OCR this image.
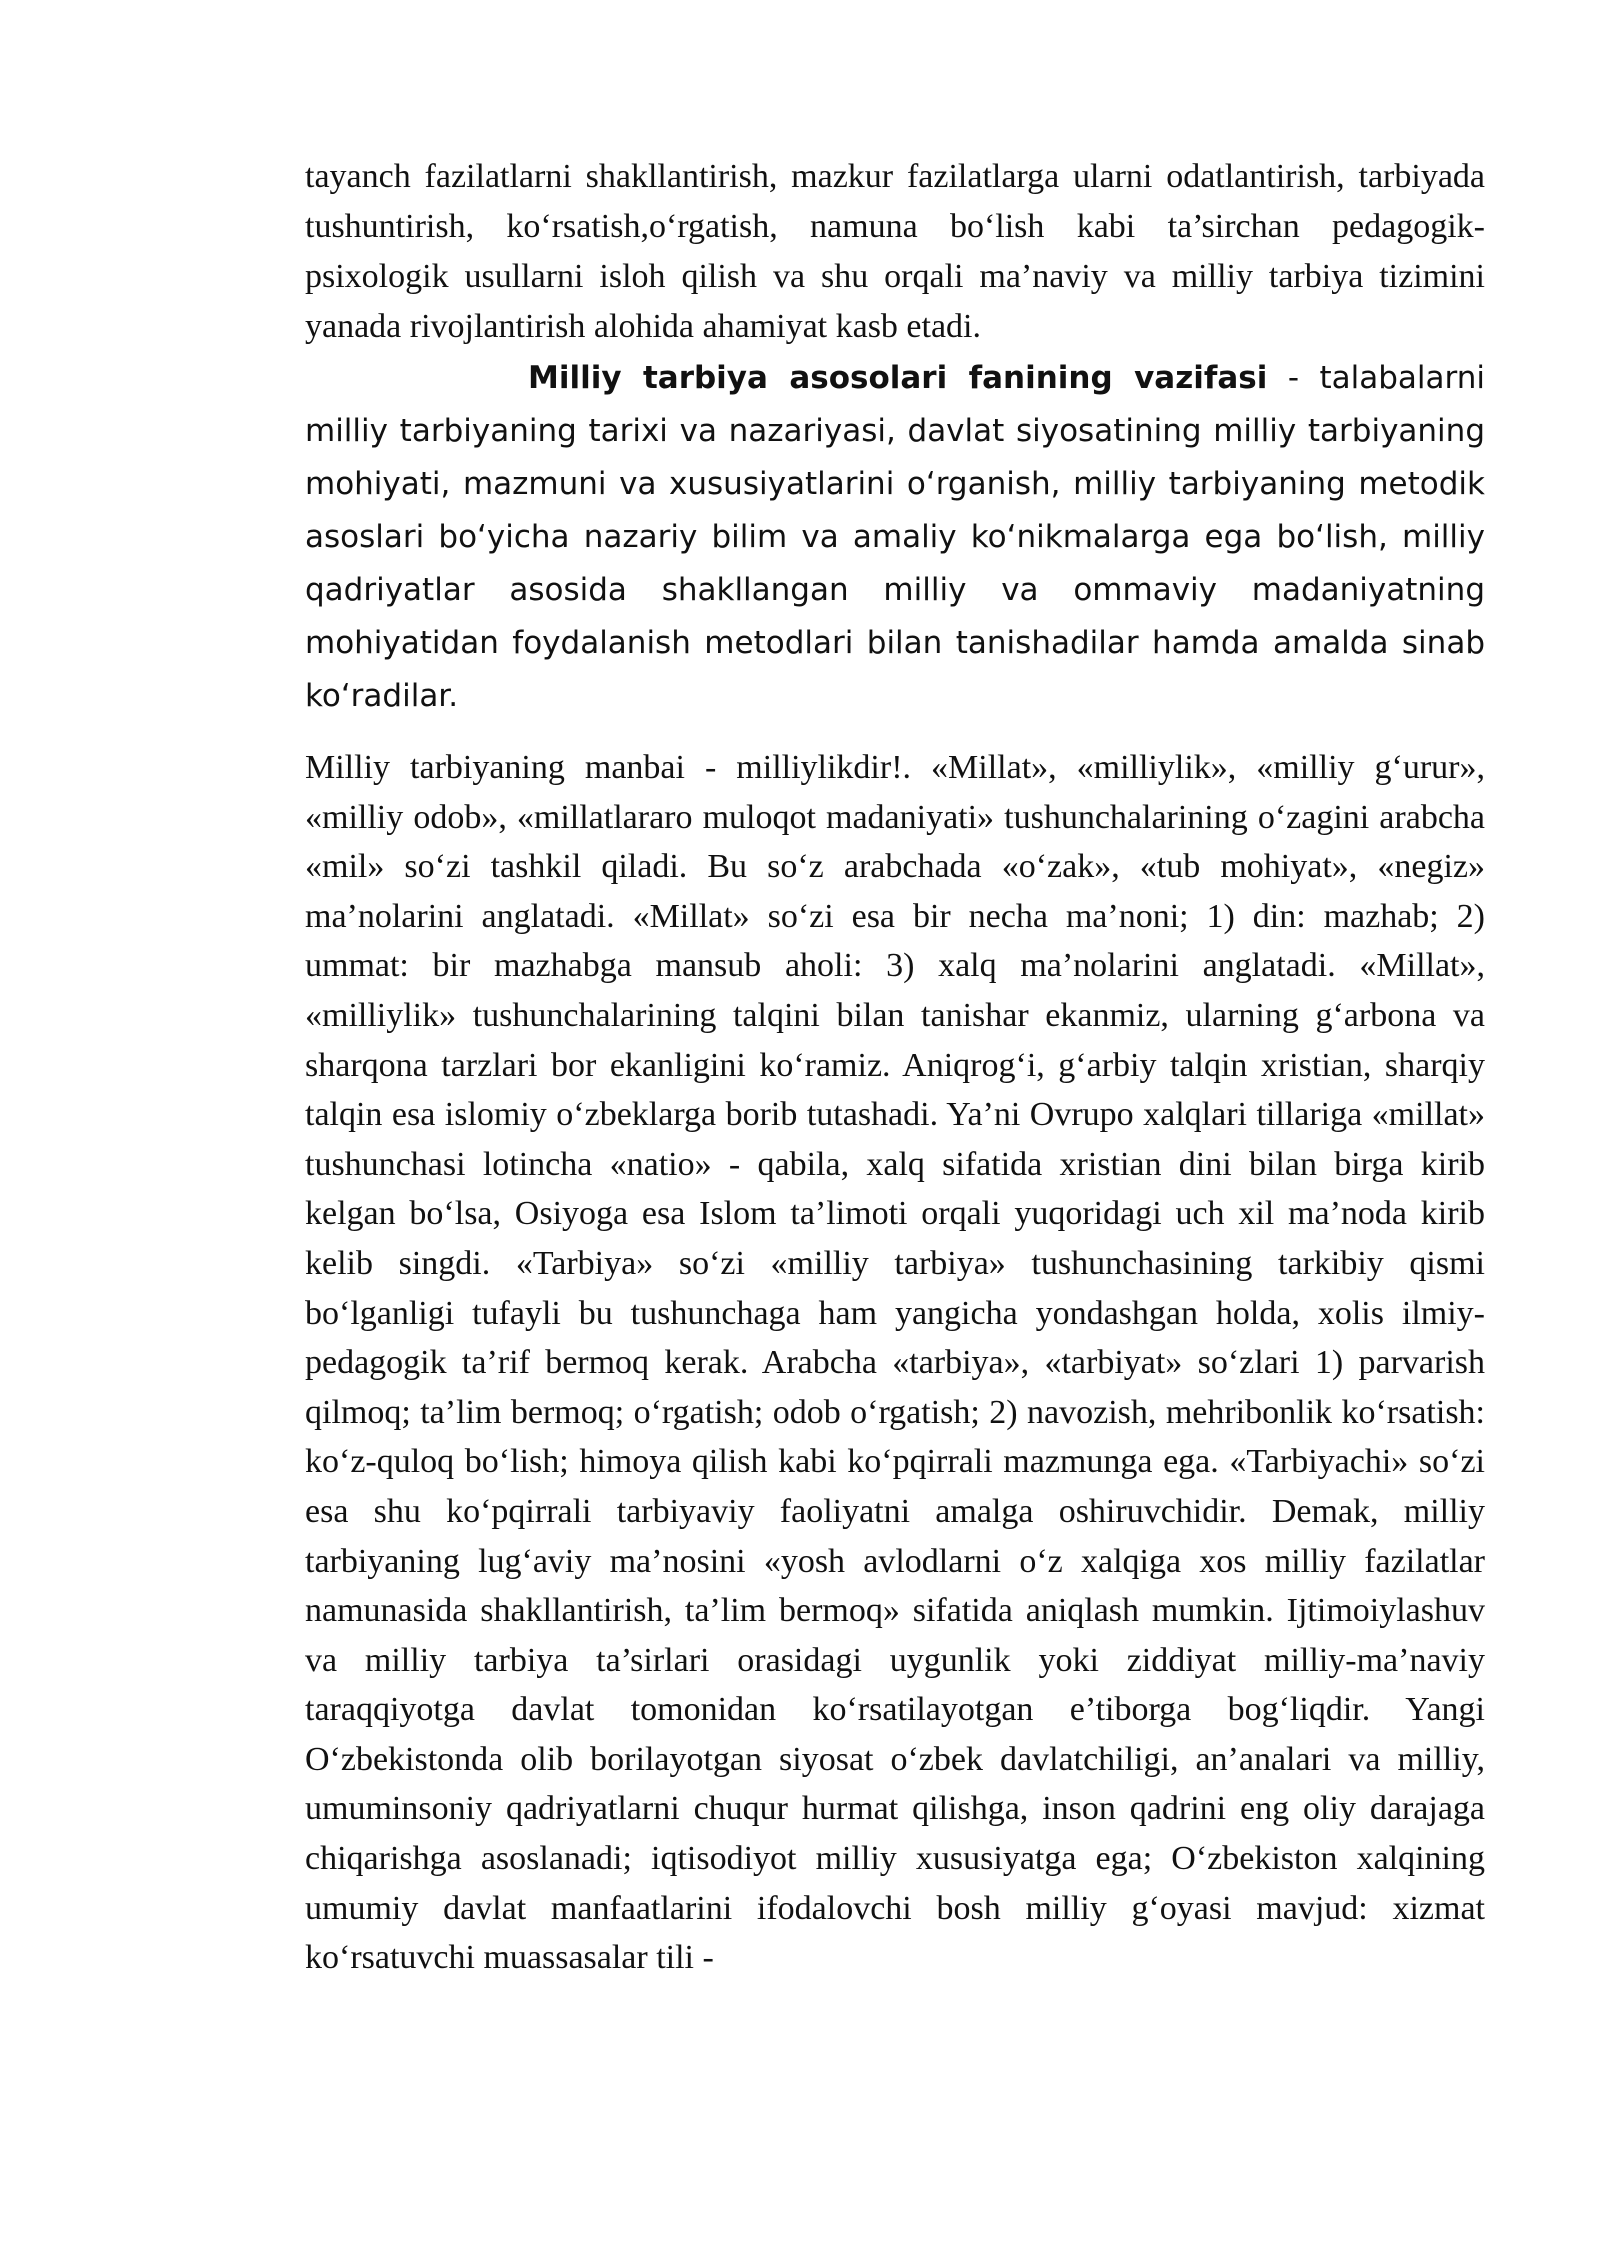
tayanch fazilatlarni shakllantirish, mazkur fazilatlarga ularni odatlantirish, tarbiyada tushuntirish, ko‘rsatish,o‘rgatish, namuna bo‘lish kabi ta’sirchan pedagogik-psixologik usullarni isloh qilish va shu orqali ma’naviy va milliy tarbiya tizimini yanada rivojlantirish alohida ahamiyat kasb etadi.

Milliy tarbiya asosolari fanining vazifasi - talabalarni milliy tarbiyaning tarixi va nazariyasi, davlat siyosatining milliy tarbiyaning mohiyati, mazmuni va xususiyatlarini o‘rganish, milliy tarbiyaning metodik asoslari bo‘yicha nazariy bilim va amaliy ko‘nikmalarga ega bo‘lish, milliy qadriyatlar asosida shakllangan milliy va ommaviy madaniyatning mohiyatidan foydalanish metodlari bilan tanishadilar hamda amalda sinab ko‘radilar.

Milliy tarbiyaning manbai - milliylikdir!. «Millat», «milliylik», «milliy g‘urur», «milliy odob», «millatlararo muloqot madaniyati» tushunchalarining o‘zagini arabcha «mil» so‘zi tashkil qiladi. Bu so‘z arabchada «o‘zak», «tub mohiyat», «negiz» ma’nolarini anglatadi. «Millat» so‘zi esa bir necha ma’noni; 1) din: mazhab; 2) ummat: bir mazhabga mansub aholi: 3) xalq ma’nolarini anglatadi. «Millat», «milliylik» tushunchalarining talqini bilan tanishar ekanmiz, ularning g‘arbona va sharqona tarzlari bor ekanligini ko‘ramiz. Aniqrog‘i, g‘arbiy talqin xristian, sharqiy talqin esa islomiy o‘zbeklarga borib tutashadi. Ya’ni Ovrupo xalqlari tillariga «millat» tushunchasi lotincha «natio» - qabila, xalq sifatida xristian dini bilan birga kirib kelgan bo‘lsa, Osiyoga esa Islom ta’limoti orqali yuqoridagi uch xil ma’noda kirib kelib singdi. «Tarbiya» so‘zi «milliy tarbiya» tushunchasining tarkibiy qismi bo‘lganligi tufayli bu tushunchaga ham yangicha yondashgan holda, xolis ilmiy-pedagogik ta’rif bermoq kerak. Arabcha «tarbiya», «tarbiyat» so‘zlari 1) parvarish qilmoq; ta’lim bermoq; o‘rgatish; odob o‘rgatish; 2) navozish, mehribonlik ko‘rsatish: ko‘z-quloq bo‘lish; himoya qilish kabi ko‘pqirrali mazmunga ega. «Tarbiyachi» so‘zi esa shu ko‘pqirrali tarbiyaviy faoliyatni amalga oshiruvchidir. Demak, milliy tarbiyaning lug‘aviy ma’nosini «yosh avlodlarni o‘z xalqiga xos milliy fazilatlar namunasida shakllantirish, ta’lim bermoq» sifatida aniqlash mumkin. Ijtimoiylashuv va milliy tarbiya ta’sirlari orasidagi uygunlik yoki ziddiyat milliy-ma’naviy taraqqiyotga davlat tomonidan ko‘rsatilayotgan e’tiborga bog‘liqdir. Yangi O‘zbekistonda olib borilayotgan siyosat o‘zbek davlatchiligi, an’analari va milliy, umuminsoniy qadriyatlarni chuqur hurmat qilishga, inson qadrini eng oliy darajaga chiqarishga asoslanadi; iqtisodiyot milliy xususiyatga ega; O‘zbekiston xalqining umumiy davlat manfaatlarini ifodalovchi bosh milliy g‘oyasi mavjud: xizmat ko‘rsatuvchi muassasalar tili -
